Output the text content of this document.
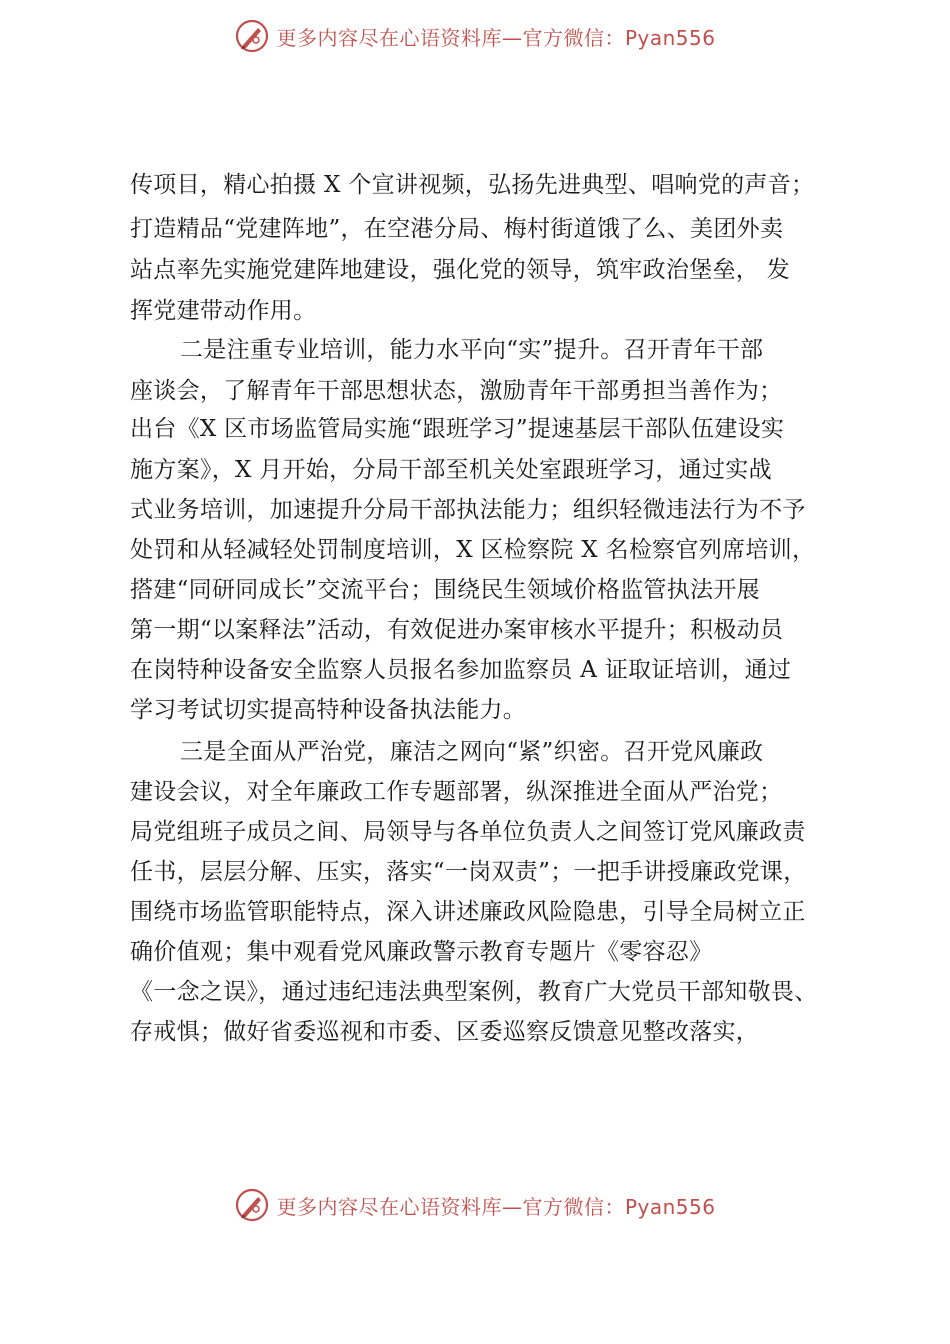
更多内容尽在心语资料库—官方微信：Pyan556
传项目，精心拍摄 X 个宣讲视频，弘扬先进典型、唱响党的声音；
打造精品“党建阵地”，在空港分局、梅村街道饿了么、美团外卖
站点率先实施党建阵地建设，强化党的领导，筑牢政治堡垒， 发
挥党建带动作用。
二是注重专业培训，能力水平向“实”提升。召开青年干部
座谈会，了解青年干部思想状态，激励青年干部勇担当善作为；
出台《X 区市场监管局实施“跟班学习”提速基层干部队伍建设实
施方案》，X 月开始，分局干部至机关处室跟班学习，通过实战
式业务培训，加速提升分局干部执法能力；组织轻微违法行为不予
处罚和从轻减轻处罚制度培训，X 区检察院 X 名检察官列席培训，
搭建“同研同成长”交流平台；围绕民生领域价格监管执法开展
第一期“以案释法”活动，有效促进办案审核水平提升；积极动员
在岗特种设备安全监察人员报名参加监察员 A 证取证培训，通过
学习考试切实提高特种设备执法能力。
三是全面从严治党，廉洁之网向“紧”织密。召开党风廉政
建设会议，对全年廉政工作专题部署，纵深推进全面从严治党；
局党组班子成员之间、局领导与各单位负责人之间签订党风廉政责
任书，层层分解、压实，落实“一岗双责”；一把手讲授廉政党课，
围绕市场监管职能特点，深入讲述廉政风险隐患，引导全局树立正
确价值观；集中观看党风廉政警示教育专题片《零容忍》
《一念之误》，通过违纪违法典型案例，教育广大党员干部知敬畏、
存戒惧；做好省委巡视和市委、区委巡察反馈意见整改落实，
更多内容尽在心语资料库—官方微信：Pyan556
